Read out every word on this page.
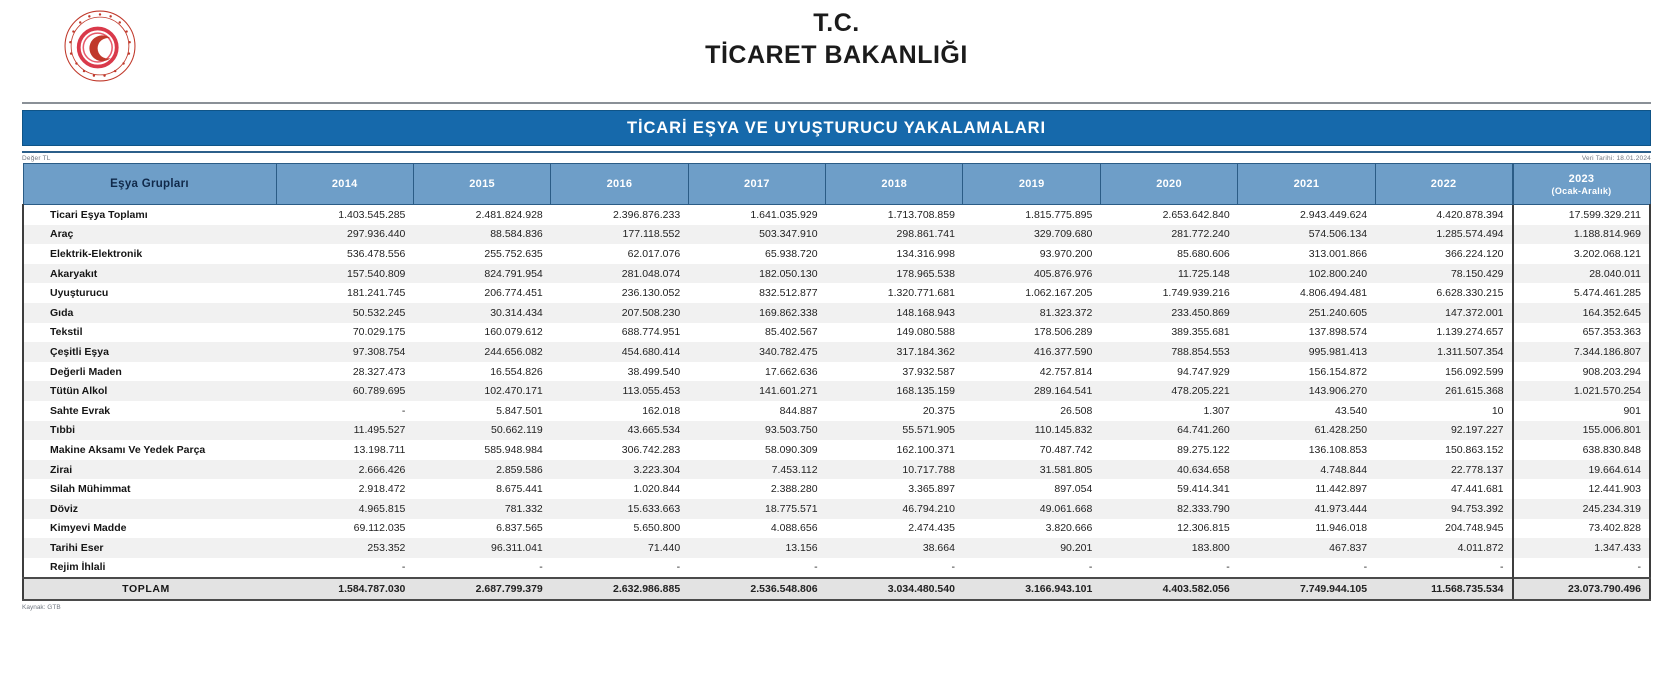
T.C.
TİCARET BAKANLIĞI
TİCARİ EŞYA VE UYUŞTURUCU YAKALAMALARI
Değer TL	Veri Tarihi: 18.01.2024
Eşya Grupları	2014	2015	2016	2017	2018	2019	2020	2021	2022	2023
(Ocak-Aralık)

Ticari Eşya Toplamı	1.403.545.285	2.481.824.928	2.396.876.233	1.641.035.929	1.713.708.859	1.815.775.895	2.653.642.840	2.943.449.624	4.420.878.394	17.599.329.211
Araç	297.936.440	88.584.836	177.118.552	503.347.910	298.861.741	329.709.680	281.772.240	574.506.134	1.285.574.494	1.188.814.969
Elektrik-Elektronik	536.478.556	255.752.635	62.017.076	65.938.720	134.316.998	93.970.200	85.680.606	313.001.866	366.224.120	3.202.068.121
Akaryakıt	157.540.809	824.791.954	281.048.074	182.050.130	178.965.538	405.876.976	11.725.148	102.800.240	78.150.429	28.040.011
Uyuşturucu	181.241.745	206.774.451	236.130.052	832.512.877	1.320.771.681	1.062.167.205	1.749.939.216	4.806.494.481	6.628.330.215	5.474.461.285
Gıda	50.532.245	30.314.434	207.508.230	169.862.338	148.168.943	81.323.372	233.450.869	251.240.605	147.372.001	164.352.645
Tekstil	70.029.175	160.079.612	688.774.951	85.402.567	149.080.588	178.506.289	389.355.681	137.898.574	1.139.274.657	657.353.363
Çeşitli Eşya	97.308.754	244.656.082	454.680.414	340.782.475	317.184.362	416.377.590	788.854.553	995.981.413	1.311.507.354	7.344.186.807
Değerli Maden	28.327.473	16.554.826	38.499.540	17.662.636	37.932.587	42.757.814	94.747.929	156.154.872	156.092.599	908.203.294
Tütün Alkol	60.789.695	102.470.171	113.055.453	141.601.271	168.135.159	289.164.541	478.205.221	143.906.270	261.615.368	1.021.570.254
Sahte Evrak	-	5.847.501	162.018	844.887	20.375	26.508	1.307	43.540	10	901
Tıbbi	11.495.527	50.662.119	43.665.534	93.503.750	55.571.905	110.145.832	64.741.260	61.428.250	92.197.227	155.006.801
Makine Aksamı Ve Yedek Parça	13.198.711	585.948.984	306.742.283	58.090.309	162.100.371	70.487.742	89.275.122	136.108.853	150.863.152	638.830.848
Zirai	2.666.426	2.859.586	3.223.304	7.453.112	10.717.788	31.581.805	40.634.658	4.748.844	22.778.137	19.664.614
Silah Mühimmat	2.918.472	8.675.441	1.020.844	2.388.280	3.365.897	897.054	59.414.341	11.442.897	47.441.681	12.441.903
Döviz	4.965.815	781.332	15.633.663	18.775.571	46.794.210	49.061.668	82.333.790	41.973.444	94.753.392	245.234.319
Kimyevi Madde	69.112.035	6.837.565	5.650.800	4.088.656	2.474.435	3.820.666	12.306.815	11.946.018	204.748.945	73.402.828
Tarihi Eser	253.352	96.311.041	71.440	13.156	38.664	90.201	183.800	467.837	4.011.872	1.347.433
Rejim İhlali	-	-	-	-	-	-	-	-	-	-
TOPLAM	1.584.787.030	2.687.799.379	2.632.986.885	2.536.548.806	3.034.480.540	3.166.943.101	4.403.582.056	7.749.944.105	11.568.735.534	23.073.790.496
Kaynak: GTB
